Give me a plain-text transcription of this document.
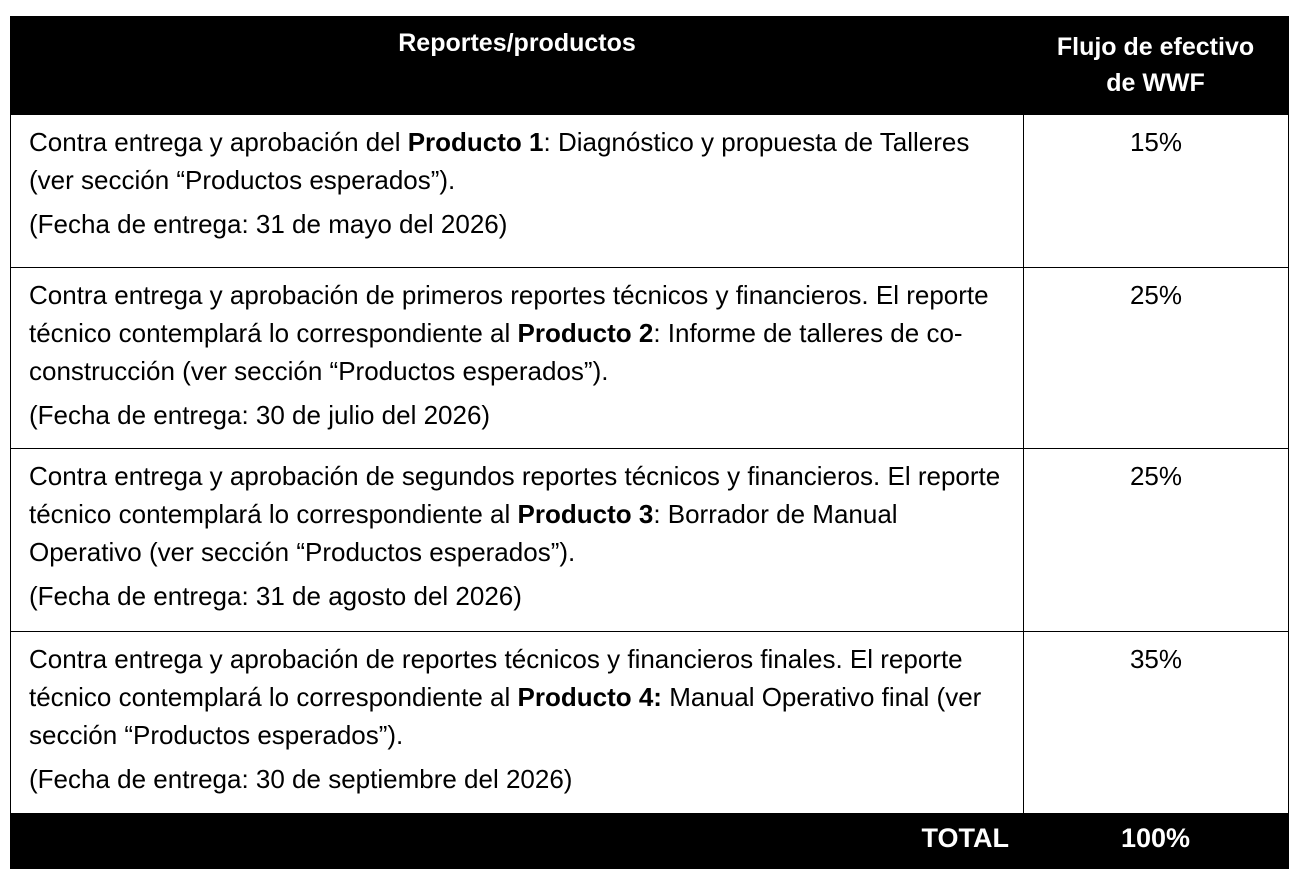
Reportes/productos	Flujo de efectivo
de WWF

Contra entrega y aprobación del Producto 1: Diagnóstico y propuesta de Talleres (ver sección “Productos esperados”).

(Fecha de entrega: 31 de mayo del 2026)

15%

Contra entrega y aprobación de primeros reportes técnicos y financieros. El reporte técnico contemplará lo correspondiente al Producto 2: Informe de talleres de co-construcción (ver sección “Productos esperados”).

(Fecha de entrega: 30 de julio del 2026)

25%

Contra entrega y aprobación de segundos reportes técnicos y financieros. El reporte técnico contemplará lo correspondiente al Producto 3: Borrador de Manual Operativo (ver sección “Productos esperados”).

(Fecha de entrega: 31 de agosto del 2026)

25%

Contra entrega y aprobación de reportes técnicos y financieros finales. El reporte técnico contemplará lo correspondiente al Producto 4: Manual Operativo final (ver sección “Productos esperados”).

(Fecha de entrega: 30 de septiembre del 2026)

35%
TOTAL	100%
